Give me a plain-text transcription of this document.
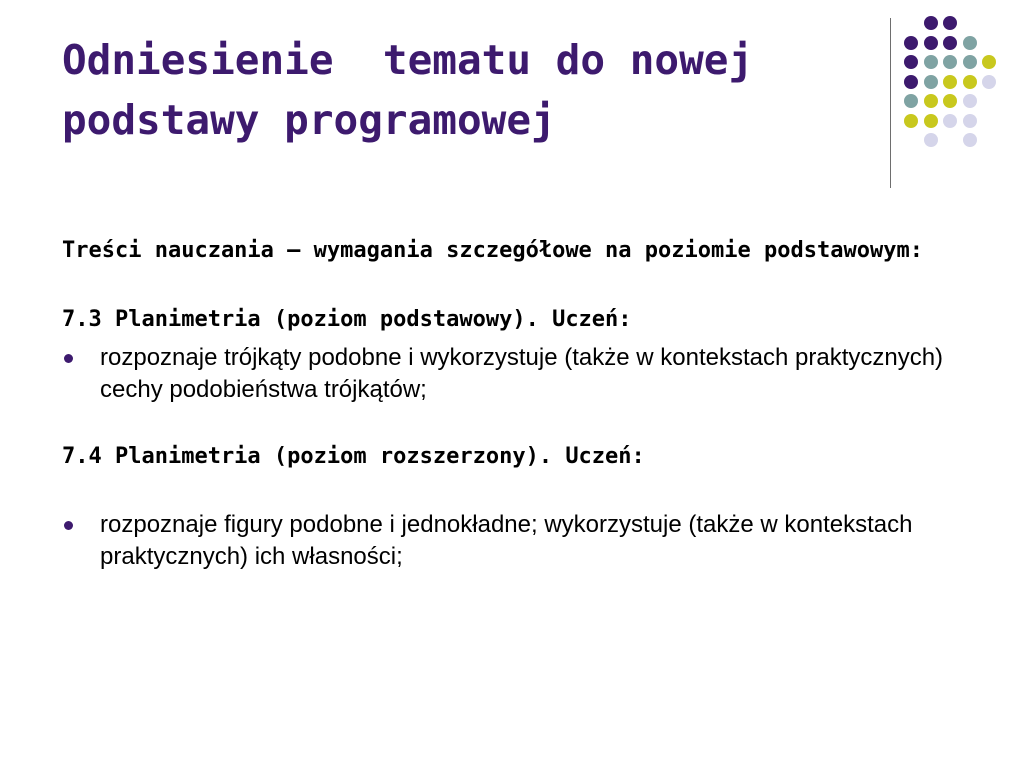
Odniesienie  tematu do nowej podstawy programowej

Treści nauczania – wymagania szczegółowe na poziomie podstawowym:

7.3 Planimetria (poziom podstawowy). Uczeń:

rozpoznaje trójkąty podobne i wykorzystuje (także w kontekstach praktycznych) cechy podobieństwa trójkątów;

7.4 Planimetria (poziom rozszerzony). Uczeń:

rozpoznaje figury podobne i jednokładne; wykorzystuje (także w kontekstach praktycznych) ich własności;
